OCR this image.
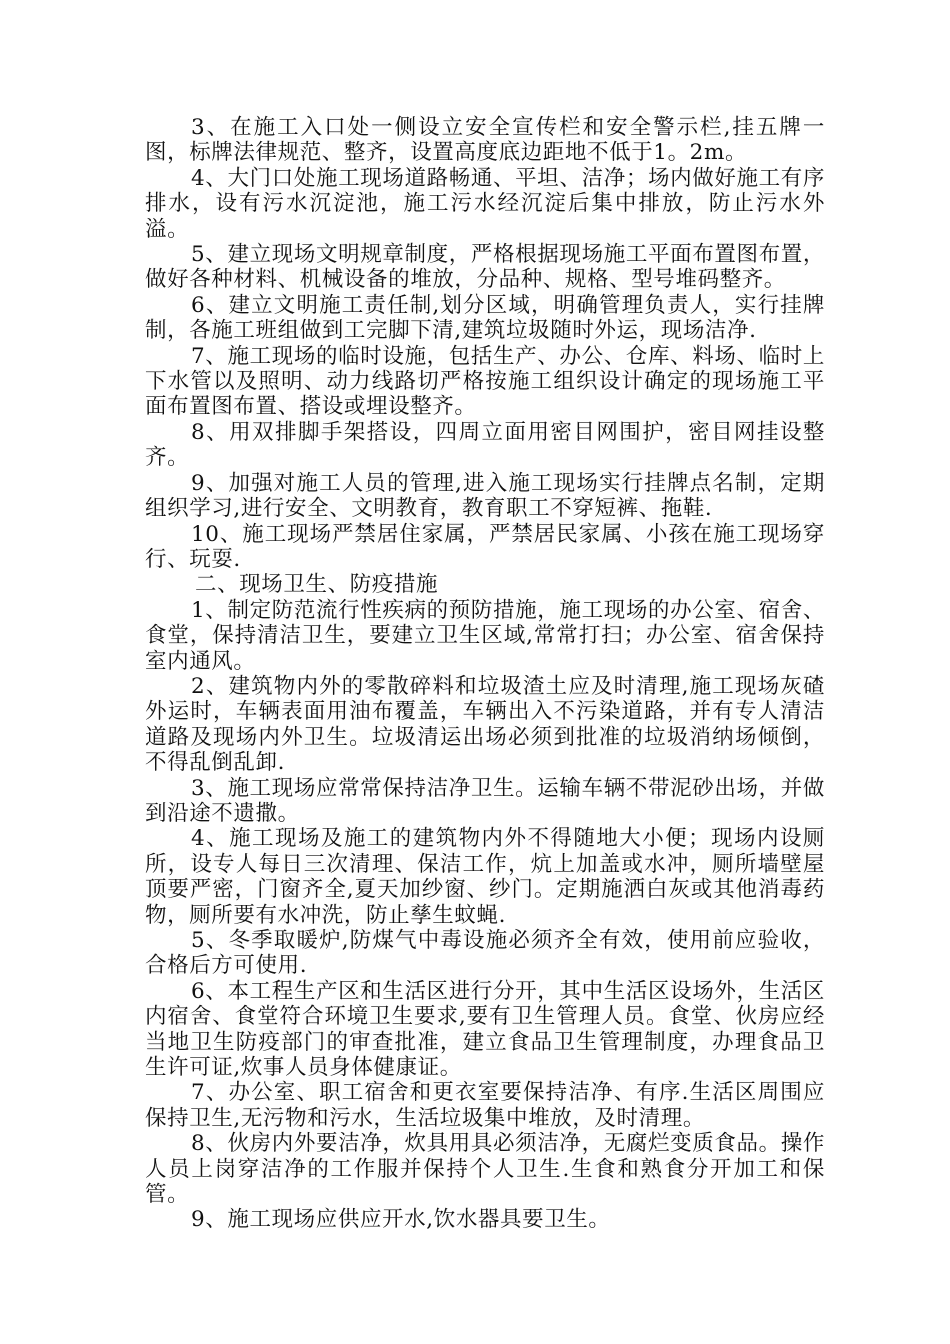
3、在施工入口处一侧设立安全宣传栏和安全警示栏,挂五牌一图，标牌法律规范、整齐，设置高度底边距地不低于1。2m。

4、大门口处施工现场道路畅通、平坦、洁净；场内做好施工有序排水，设有污水沉淀池，施工污水经沉淀后集中排放，防止污水外溢。

5、建立现场文明规章制度，严格根据现场施工平面布置图布置，做好各种材料、机械设备的堆放，分品种、规格、型号堆码整齐。

6、建立文明施工责任制,划分区域，明确管理负责人，实行挂牌制，各施工班组做到工完脚下清,建筑垃圾随时外运，现场洁净.

7、施工现场的临时设施，包括生产、办公、仓库、料场、临时上下水管以及照明、动力线路切严格按施工组织设计确定的现场施工平面布置图布置、搭设或埋设整齐。

8、用双排脚手架搭设，四周立面用密目网围护，密目网挂设整齐。

9、加强对施工人员的管理,进入施工现场实行挂牌点名制，定期组织学习,进行安全、文明教育，教育职工不穿短裤、拖鞋.

10、施工现场严禁居住家属，严禁居民家属、小孩在施工现场穿行、玩耍.

二、现场卫生、防疫措施

1、制定防范流行性疾病的预防措施，施工现场的办公室、宿舍、食堂，保持清洁卫生，要建立卫生区域,常常打扫；办公室、宿舍保持室内通风。

2、建筑物内外的零散碎料和垃圾渣土应及时清理,施工现场灰碴外运时，车辆表面用油布覆盖，车辆出入不污染道路，并有专人清洁道路及现场内外卫生。垃圾清运出场必须到批准的垃圾消纳场倾倒，不得乱倒乱卸.

3、施工现场应常常保持洁净卫生。运输车辆不带泥砂出场，并做到沿途不遗撒。

4、施工现场及施工的建筑物内外不得随地大小便；现场内设厕所，设专人每日三次清理、保洁工作，炕上加盖或水冲，厕所墙壁屋顶要严密，门窗齐全,夏天加纱窗、纱门。定期施洒白灰或其他消毒药物，厕所要有水冲洗，防止孳生蚊蝇.

5、冬季取暖炉,防煤气中毒设施必须齐全有效，使用前应验收，合格后方可使用.

6、本工程生产区和生活区进行分开，其中生活区设场外，生活区内宿舍、食堂符合环境卫生要求,要有卫生管理人员。食堂、伙房应经当地卫生防疫部门的审查批准，建立食品卫生管理制度，办理食品卫生许可证,炊事人员身体健康证。

7、办公室、职工宿舍和更衣室要保持洁净、有序.生活区周围应保持卫生,无污物和污水，生活垃圾集中堆放，及时清理。

8、伙房内外要洁净，炊具用具必须洁净，无腐烂变质食品。操作人员上岗穿洁净的工作服并保持个人卫生.生食和熟食分开加工和保管。

9、施工现场应供应开水,饮水器具要卫生。
